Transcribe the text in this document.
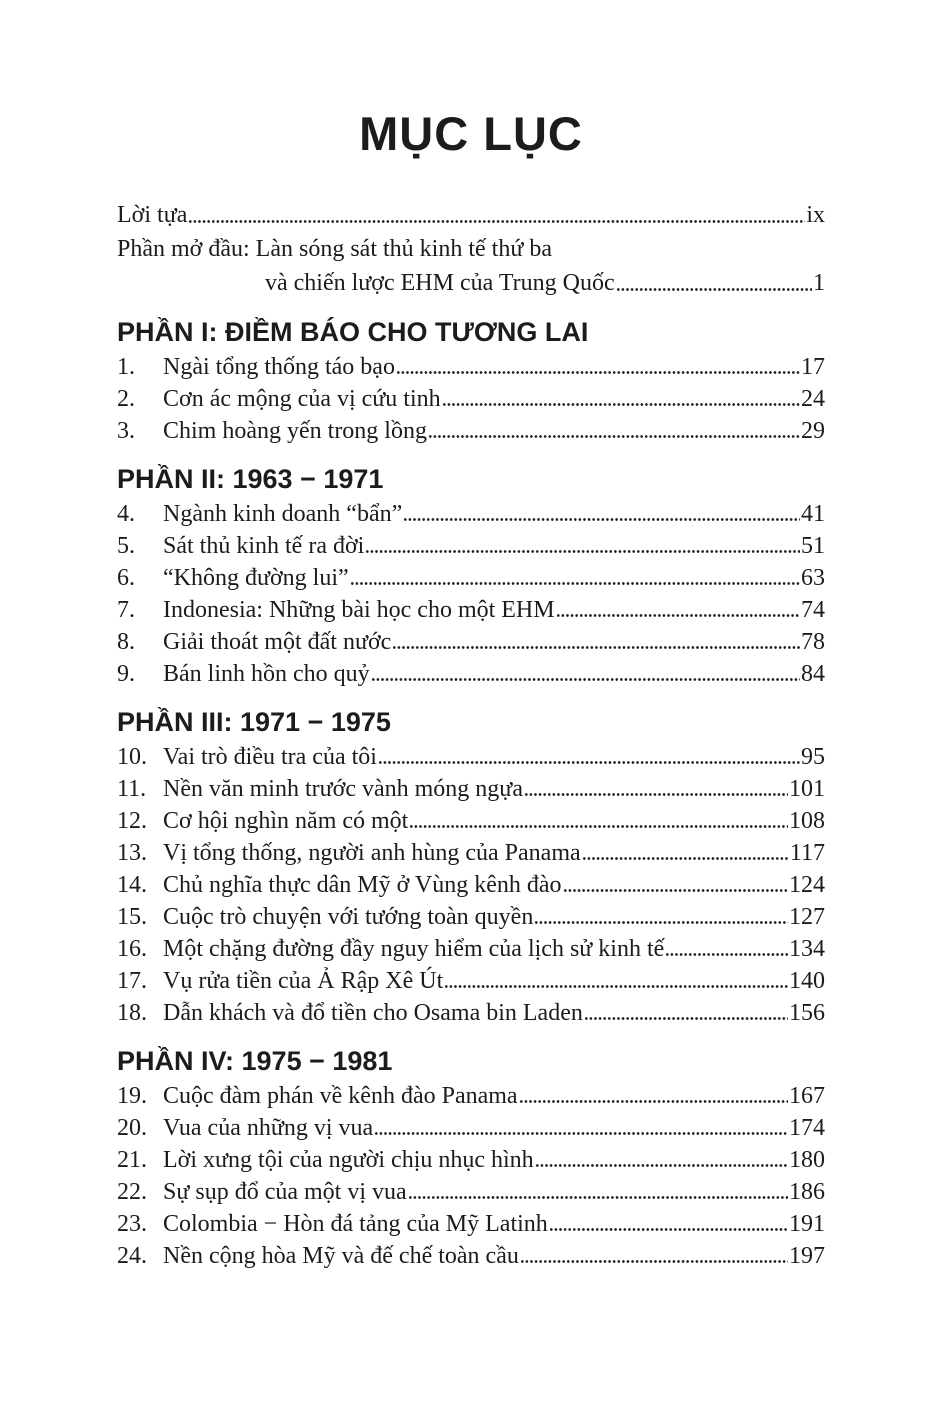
MỤC LỤC
Lời tựa	ix
Phần mở đầu: Làn sóng sát thủ kinh tế thứ ba
và chiến lược EHM của Trung Quốc	1
PHẦN I: ĐIỀM BÁO CHO TƯƠNG LAI
1.	Ngài tổng thống táo bạo	17
2.	Cơn ác mộng của vị cứu tinh	24
3.	Chim hoàng yến trong lồng	29
PHẦN II: 1963 − 1971
4.	Ngành kinh doanh “bẩn”	41
5.	Sát thủ kinh tế ra đời	51
6.	“Không đường lui”	63
7.	Indonesia: Những bài học cho một EHM	74
8.	Giải thoát một đất nước	78
9.	Bán linh hồn cho quỷ	84
PHẦN III: 1971 − 1975
10. Vai trò điều tra của tôi	95
11. Nền văn minh trước vành móng ngựa	101
12. Cơ hội nghìn năm có một	108
13. Vị tổng thống, người anh hùng của Panama	117
14. Chủ nghĩa thực dân Mỹ ở Vùng kênh đào	124
15. Cuộc trò chuyện với tướng toàn quyền	127
16. Một chặng đường đầy nguy hiểm của lịch sử kinh tế	134
17. Vụ rửa tiền của Ả Rập Xê Út	140
18. Dẫn khách và đổ tiền cho Osama bin Laden	156
PHẦN IV: 1975 − 1981
19. Cuộc đàm phán về kênh đào Panama	167
20. Vua của những vị vua	174
21. Lời xưng tội của người chịu nhục hình	180
22. Sự sụp đổ của một vị vua	186
23. Colombia − Hòn đá tảng của Mỹ Latinh	191
24. Nền cộng hòa Mỹ và đế chế toàn cầu	197
